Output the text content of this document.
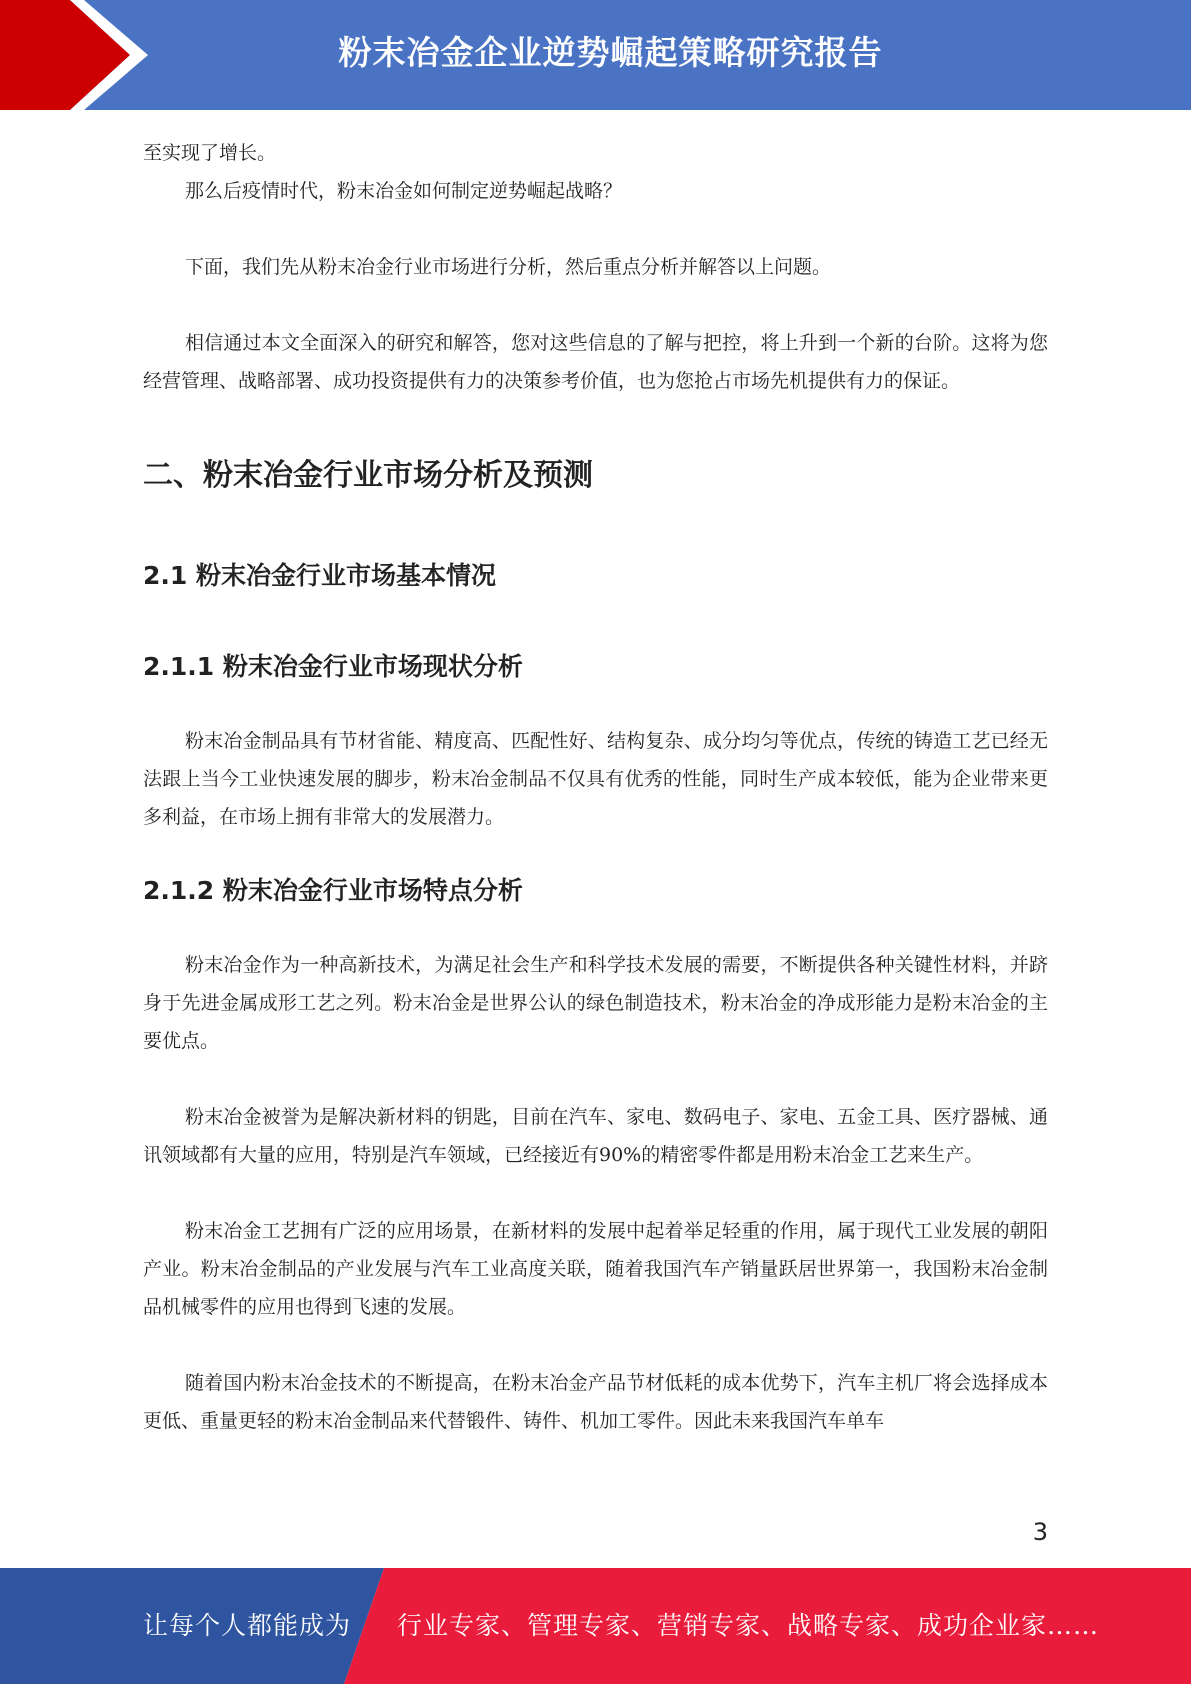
粉末冶金企业逆势崛起策略研究报告

至实现了增长。

那么后疫情时代，粉末冶金如何制定逆势崛起战略？

下面，我们先从粉末冶金行业市场进行分析，然后重点分析并解答以上问题。

相信通过本文全面深入的研究和解答，您对这些信息的了解与把控，将上升到一个新的台阶。这将为您经营管理、战略部署、成功投资提供有力的决策参考价值，也为您抢占市场先机提供有力的保证。

二、粉末冶金行业市场分析及预测
2.1 粉末冶金行业市场基本情况
2.1.1 粉末冶金行业市场现状分析

粉末冶金制品具有节材省能、精度高、匹配性好、结构复杂、成分均匀等优点，传统的铸造工艺已经无法跟上当今工业快速发展的脚步，粉末冶金制品不仅具有优秀的性能，同时生产成本较低，能为企业带来更多利益，在市场上拥有非常大的发展潜力。

2.1.2 粉末冶金行业市场特点分析

粉末冶金作为一种高新技术，为满足社会生产和科学技术发展的需要，不断提供各种关键性材料，并跻身于先进金属成形工艺之列。粉末冶金是世界公认的绿色制造技术，粉末冶金的净成形能力是粉末冶金的主要优点。

粉末冶金被誉为是解决新材料的钥匙，目前在汽车、家电、数码电子、家电、五金工具、医疗器械、通讯领域都有大量的应用，特别是汽车领域，已经接近有90%的精密零件都是用粉末冶金工艺来生产。

粉末冶金工艺拥有广泛的应用场景，在新材料的发展中起着举足轻重的作用，属于现代工业发展的朝阳产业。粉末冶金制品的产业发展与汽车工业高度关联，随着我国汽车产销量跃居世界第一，我国粉末冶金制品机械零件的应用也得到飞速的发展。

随着国内粉末冶金技术的不断提高，在粉末冶金产品节材低耗的成本优势下，汽车主机厂将会选择成本更低、重量更轻的粉末冶金制品来代替锻件、铸件、机加工零件。因此未来我国汽车单车

3
让每个人都能成为 行业专家、管理专家、营销专家、战略专家、成功企业家……
